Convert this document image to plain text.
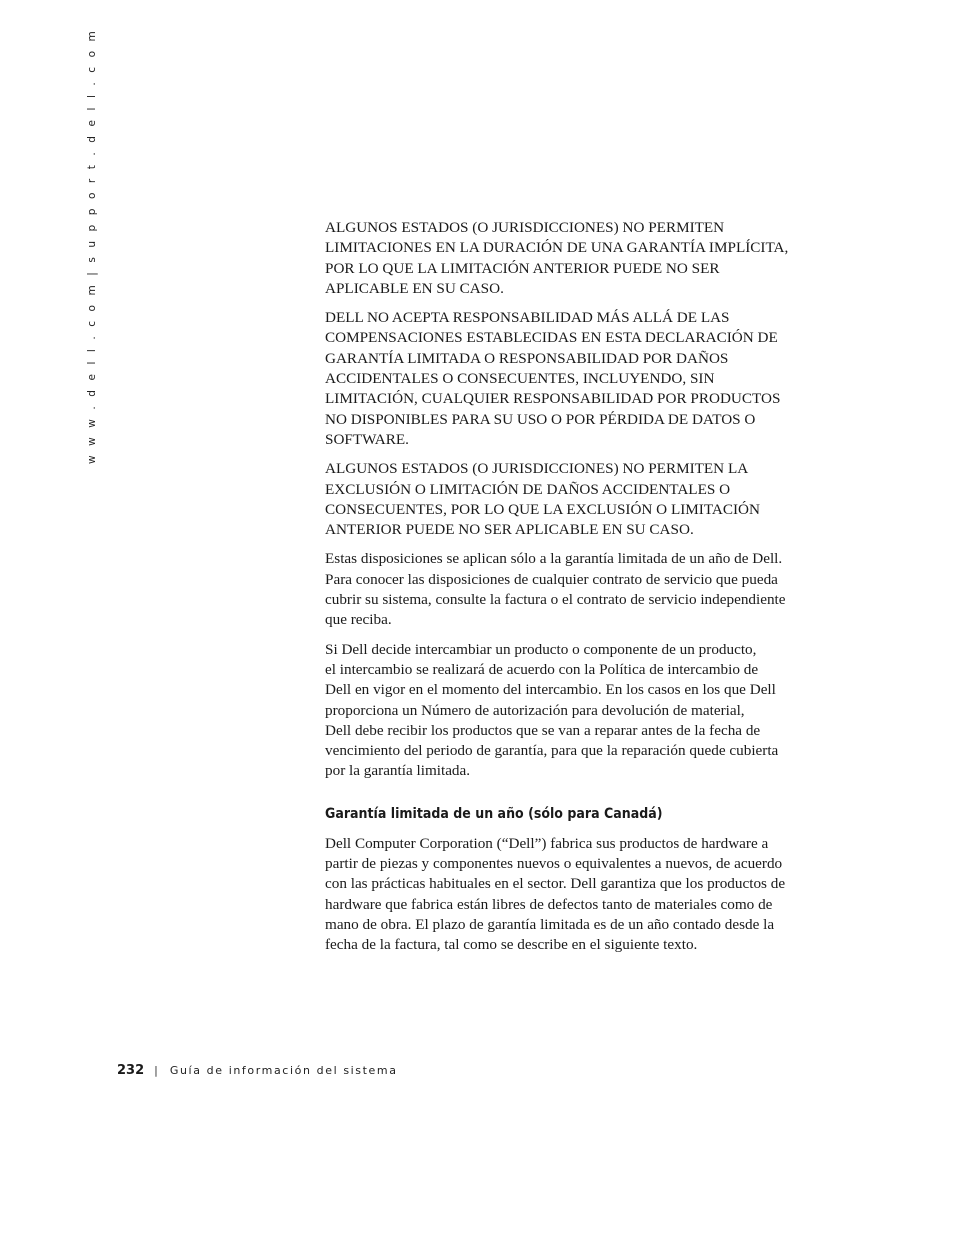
w w w . d e l l . c o m | s u p p o r t . d e l l . c o m	ALGUNOS ESTADOS (O JURISDICCIONES) NO PERMITEN
LIMITACIONES EN LA DURACIÓN DE UNA GARANTÍA IMPLÍCITA,
POR LO QUE LA LIMITACIÓN ANTERIOR PUEDE NO SER
APLICABLE EN SU CASO.

DELL NO ACEPTA RESPONSABILIDAD MÁS ALLÁ DE LAS
COMPENSACIONES ESTABLECIDAS EN ESTA DECLARACIÓN DE
GARANTÍA LIMITADA O RESPONSABILIDAD POR DAÑOS
ACCIDENTALES O CONSECUENTES, INCLUYENDO, SIN
LIMITACIÓN, CUALQUIER RESPONSABILIDAD POR PRODUCTOS
NO DISPONIBLES PARA SU USO O POR PÉRDIDA DE DATOS O
SOFTWARE.

ALGUNOS ESTADOS (O JURISDICCIONES) NO PERMITEN LA
EXCLUSIÓN O LIMITACIÓN DE DAÑOS ACCIDENTALES O
CONSECUENTES, POR LO QUE LA EXCLUSIÓN O LIMITACIÓN
ANTERIOR PUEDE NO SER APLICABLE EN SU CASO.

Estas disposiciones se aplican sólo a la garantía limitada de un año de Dell.
Para conocer las disposiciones de cualquier contrato de servicio que pueda
cubrir su sistema, consulte la factura o el contrato de servicio independiente
que reciba.

Si Dell decide intercambiar un producto o componente de un producto,
el intercambio se realizará de acuerdo con la Política de intercambio de
Dell en vigor en el momento del intercambio. En los casos en los que Dell
proporciona un Número de autorización para devolución de material,
Dell debe recibir los productos que se van a reparar antes de la fecha de
vencimiento del periodo de garantía, para que la reparación quede cubierta
por la garantía limitada.

Garantía limitada de un año (sólo para Canadá)

Dell Computer Corporation (“Dell”) fabrica sus productos de hardware a
partir de piezas y componentes nuevos o equivalentes a nuevos, de acuerdo
con las prácticas habituales en el sector. Dell garantiza que los productos de
hardware que fabrica están libres de defectos tanto de materiales como de
mano de obra. El plazo de garantía limitada es de un año contado desde la
fecha de la factura, tal como se describe en el siguiente texto.

232 | Guía de información del sistema
